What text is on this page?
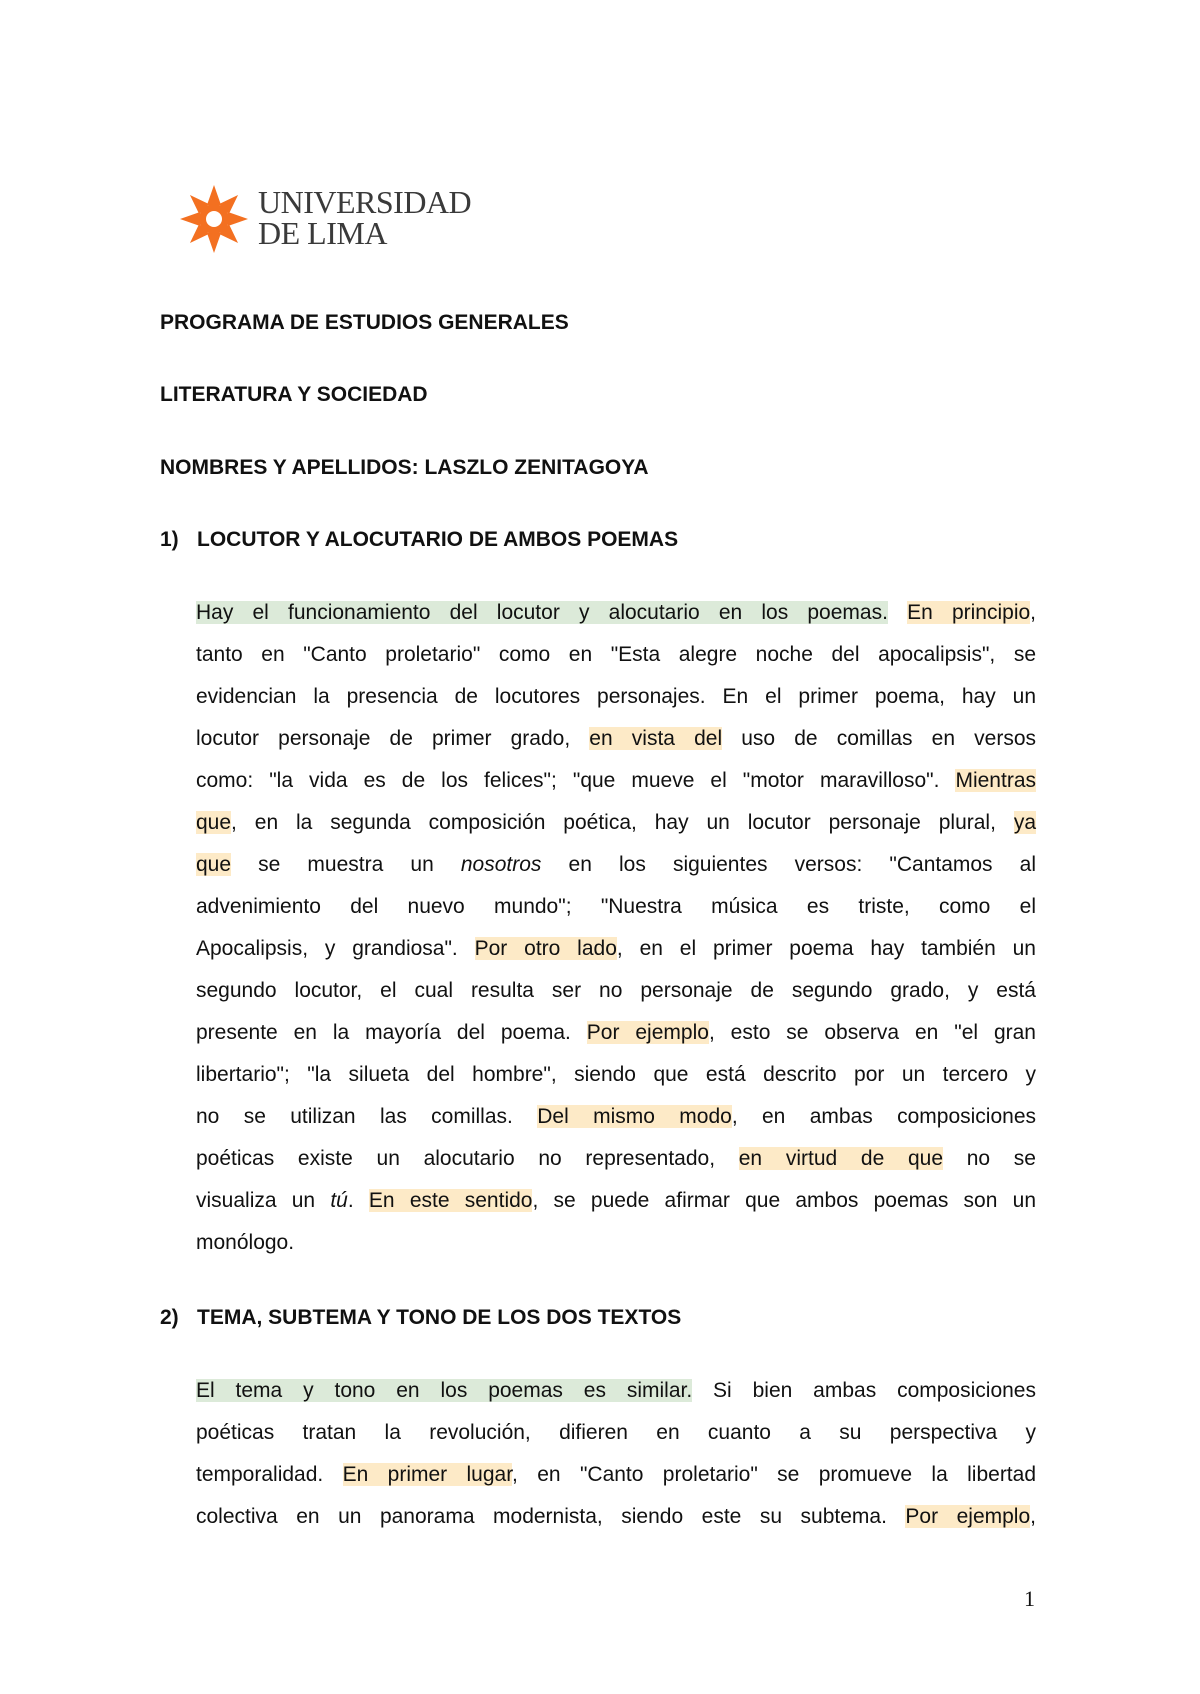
UNIVERSIDAD
DE LIMA

PROGRAMA DE ESTUDIOS GENERALES

LITERATURA Y SOCIEDAD

NOMBRES Y APELLIDOS: LASZLO ZENITAGOYA

1) LOCUTOR Y ALOCUTARIO DE AMBOS POEMAS

Hay el funcionamiento del locutor y alocutario en los poemas. En principio,
tanto en "Canto proletario" como en "Esta alegre noche del apocalipsis", se
evidencian la presencia de locutores personajes. En el primer poema, hay un
locutor personaje de primer grado, en vista del uso de comillas en versos
como: "la vida es de los felices"; "que mueve el "motor maravilloso". Mientras
que, en la segunda composición poética, hay un locutor personaje plural, ya
que se muestra un nosotros en los siguientes versos: "Cantamos al
advenimiento del nuevo mundo"; "Nuestra música es triste, como el
Apocalipsis, y grandiosa". Por otro lado, en el primer poema hay también un
segundo locutor, el cual resulta ser no personaje de segundo grado, y está
presente en la mayoría del poema. Por ejemplo, esto se observa en "el gran
libertario"; "la silueta del hombre", siendo que está descrito por un tercero y
no se utilizan las comillas. Del mismo modo, en ambas composiciones
poéticas existe un alocutario no representado, en virtud de que no se
visualiza un tú. En este sentido, se puede afirmar que ambos poemas son un
monólogo.

2) TEMA, SUBTEMA Y TONO DE LOS DOS TEXTOS

El tema y tono en los poemas es similar. Si bien ambas composiciones
poéticas tratan la revolución, difieren en cuanto a su perspectiva y
temporalidad. En primer lugar, en "Canto proletario" se promueve la libertad
colectiva en un panorama modernista, siendo este su subtema. Por ejemplo,
1
